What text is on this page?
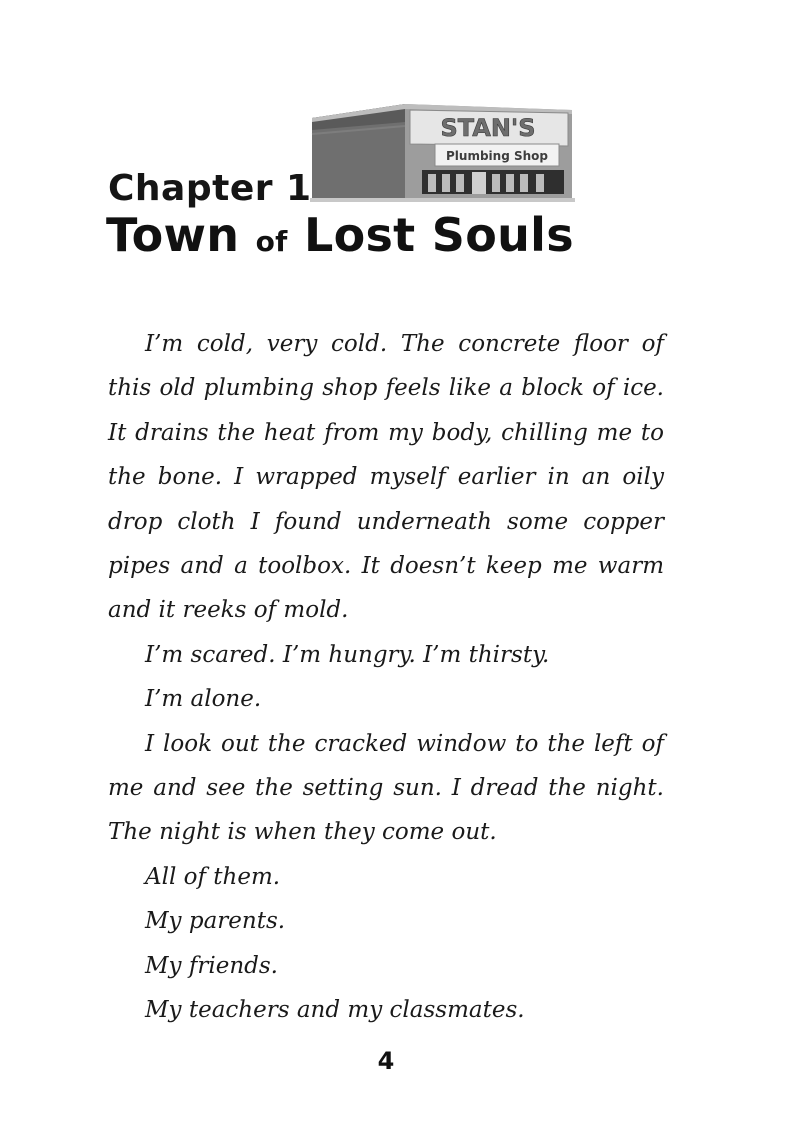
STAN'S
Plumbing Shop
Chapter 1
Town of Lost Souls

I’m cold, very cold. The concrete floor of this old plumbing shop feels like a block of ice. It drains the heat from my body, chilling me to the bone. I wrapped myself earlier in an oily drop cloth I found underneath some copper pipes and a toolbox. It doesn’t keep me warm and it reeks of mold.

I’m scared. I’m hungry. I’m thirsty.

I’m alone.

I look out the cracked window to the left of me and see the setting sun. I dread the night. The night is when they come out.

All of them.

My parents.

My friends.

My teachers and my classmates.

4
